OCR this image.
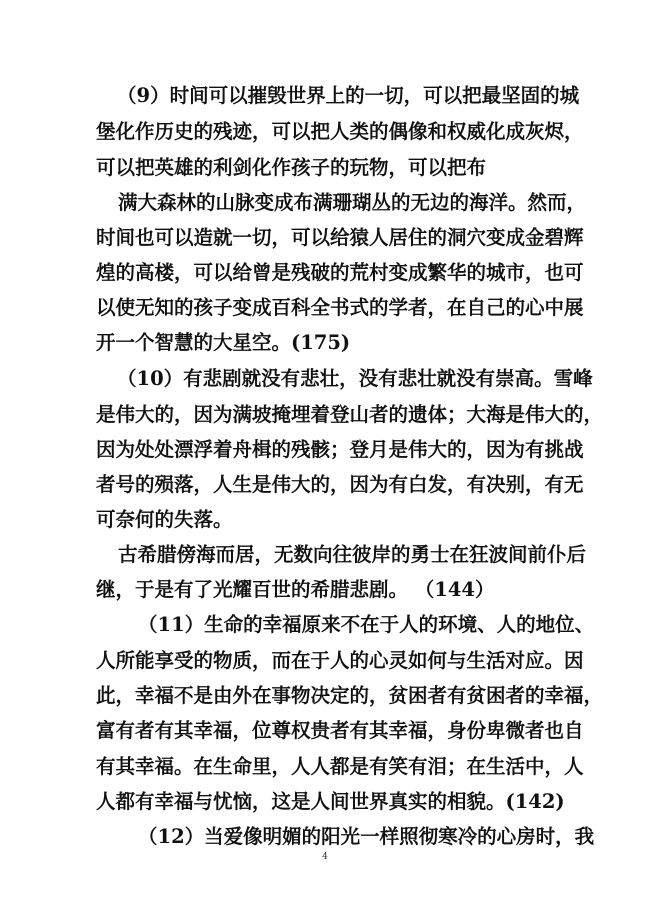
（9）时间可以摧毁世界上的一切，可以把最坚固的城
堡化作历史的残迹，可以把人类的偶像和权威化成灰烬，
可以把英雄的利剑化作孩子的玩物，可以把布
满大森林的山脉变成布满珊瑚丛的无边的海洋。然而，
时间也可以造就一切，可以给猿人居住的洞穴变成金碧辉
煌的高楼，可以给曾是残破的荒村变成繁华的城市，也可
以使无知的孩子变成百科全书式的学者，在自己的心中展
开一个智慧的大星空。(175)
（10）有悲剧就没有悲壮，没有悲壮就没有崇高。雪峰
是伟大的，因为满坡掩埋着登山者的遗体；大海是伟大的，
因为处处漂浮着舟楫的残骸；登月是伟大的，因为有挑战
者号的殒落，人生是伟大的，因为有白发，有决别，有无
可奈何的失落。
古希腊傍海而居，无数向往彼岸的勇士在狂波间前仆后
继，于是有了光耀百世的希腊悲剧。 （144）
（11）生命的幸福原来不在于人的环境、人的地位、
人所能享受的物质，而在于人的心灵如何与生活对应。因
此，幸福不是由外在事物决定的，贫困者有贫困者的幸福，
富有者有其幸福，位尊权贵者有其幸福，身份卑微者也自
有其幸福。在生命里，人人都是有笑有泪；在生活中，人
人都有幸福与忧恼，这是人间世界真实的相貌。(142)
（12）当爱像明媚的阳光一样照彻寒冷的心房时，我
4
